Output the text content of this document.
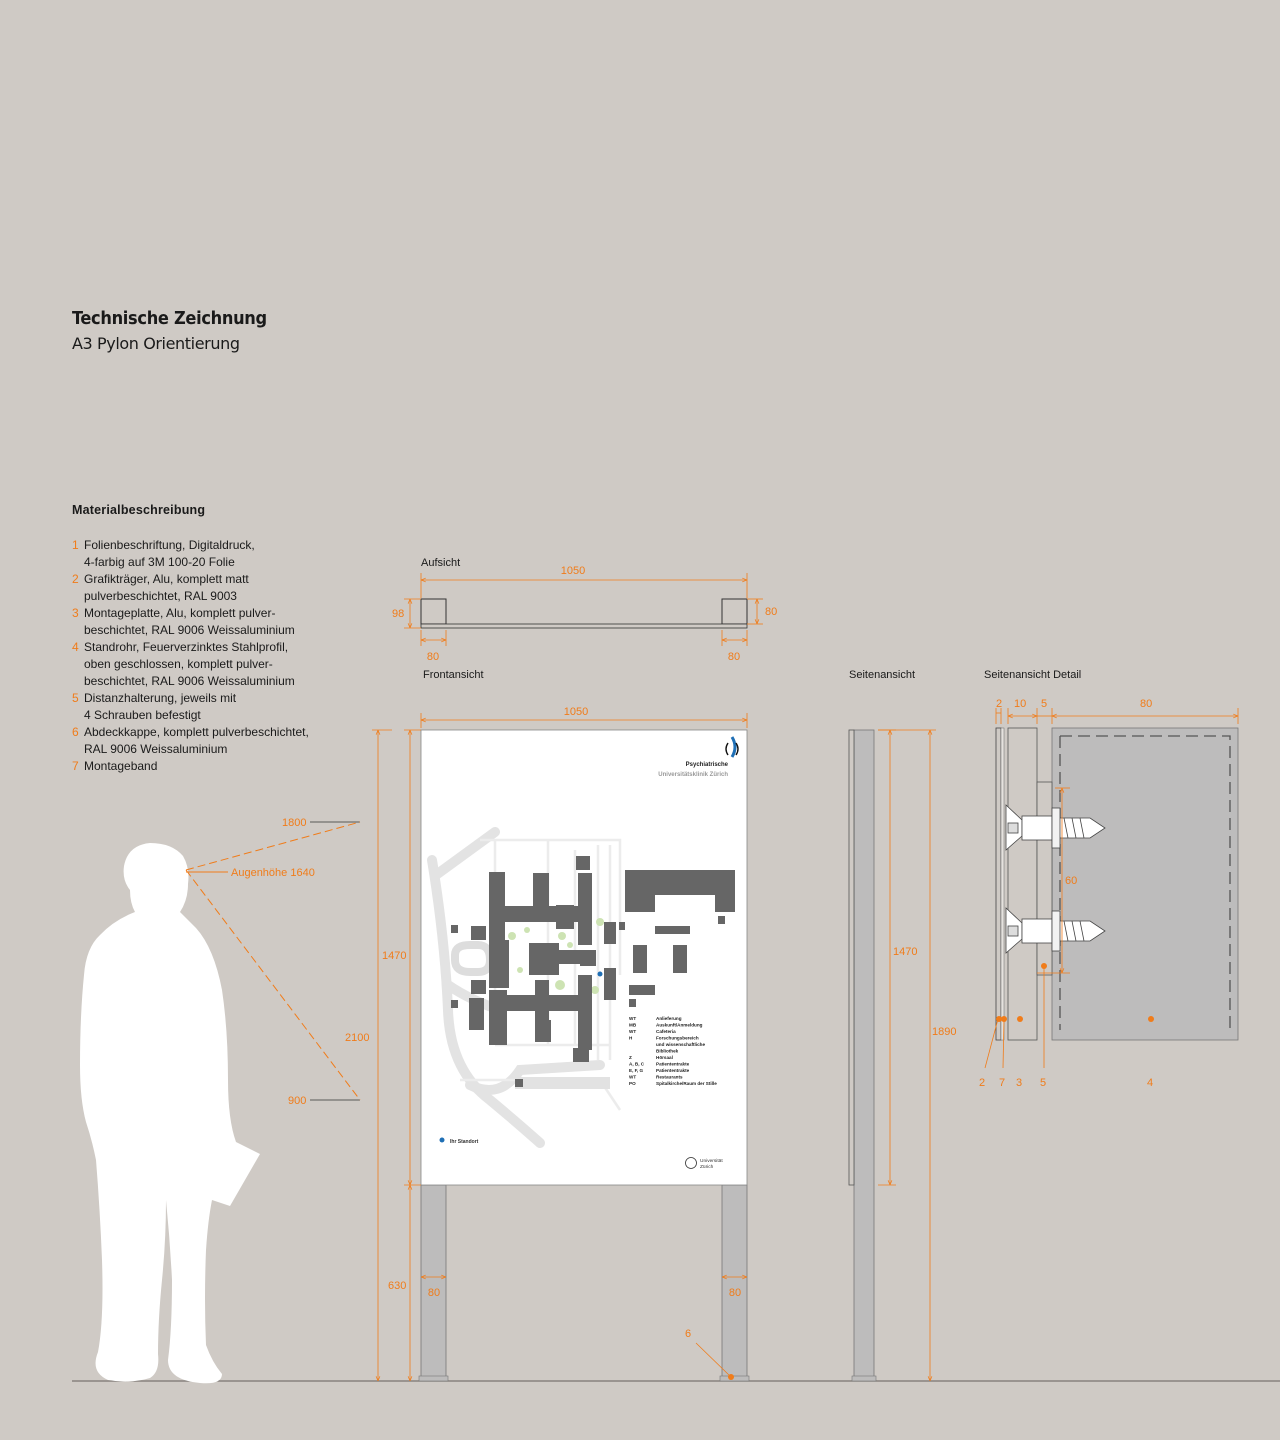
Technische Zeichnung
A3 Pylon Orientierung
Materialbeschreibung
1 Folienbeschriftung, Digitaldruck,
4-farbig auf 3M 100-20 Folie
2 Grafikträger, Alu, komplett matt
pulverbeschichtet, RAL 9003
3 Montageplatte, Alu, komplett pulver-
beschichtet, RAL 9006 Weissaluminium
4 Standrohr, Feuerverzinktes Stahlprofil,
oben geschlossen, komplett pulver-
beschichtet, RAL 9006 Weissaluminium
5 Distanzhalterung, jeweils mit
4 Schrauben befestigt
6 Abdeckkappe, komplett pulverbeschichtet,
RAL 9006 Weissaluminium
7 Montageband
Aufsicht
Frontansicht	Seitenansicht	Seitenansicht Detail
1050
98	80
80	80
Ihr Standort
WT	Anlieferung
MB	Auskunft/Anmeldung
WT	Cafeteria
H	Forschungsbereich
und wissenschaftliche
Bibliothek
Z	Hörsaal
A, B, C	Patiententrakte
E, F, G	Patiententrakte
WT	Restaurants
PO	Spitalkirche/Raum der Stille
Psychiatrische
Universitätsklinik Zürich
Universität
Zürich
1050
1470
2100
630
80	80
6
1800
Augenhöhe 1640
900
1470
1890
2 10 5	80
60
2 7 3 5	4
